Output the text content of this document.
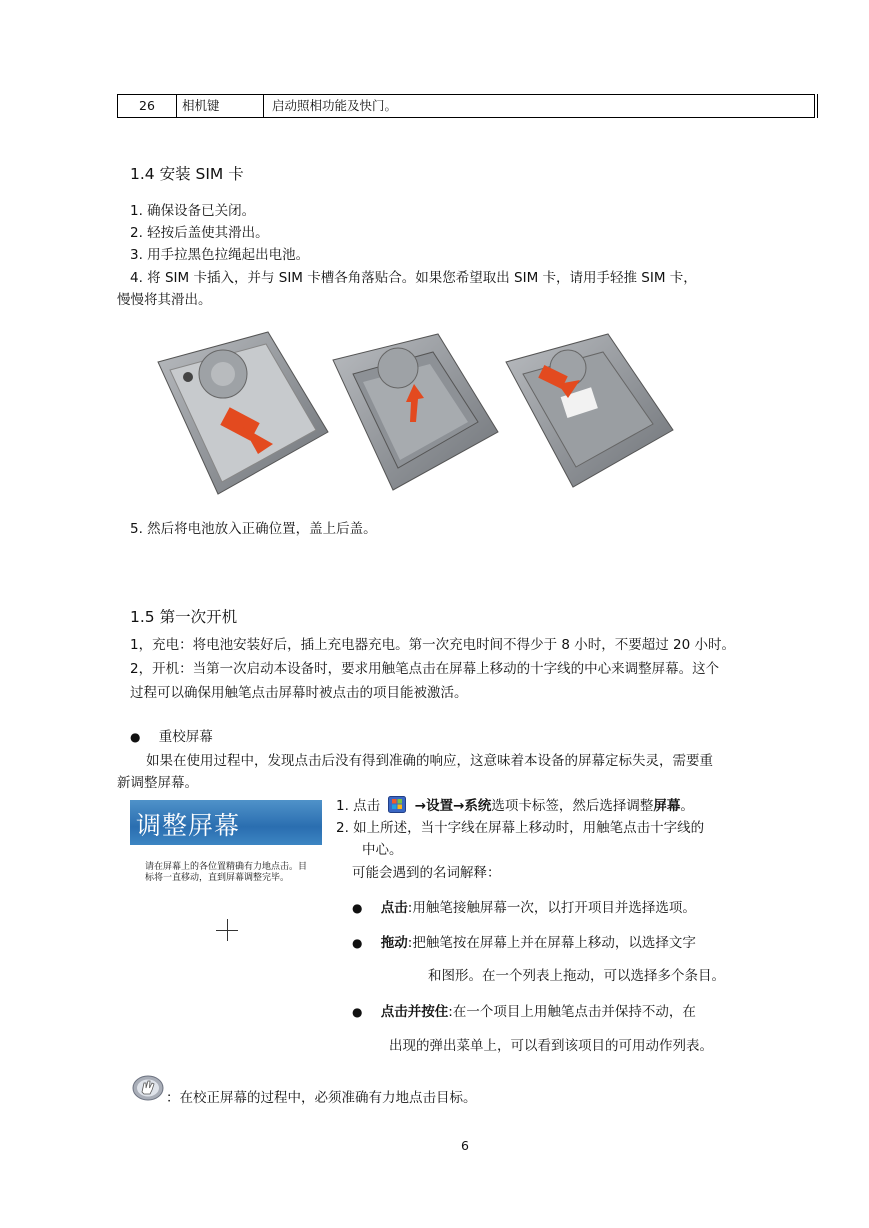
26	相机键	启动照相功能及快门。
1.4 安装 SIM 卡
1. 确保设备已关闭。
2. 轻按后盖使其滑出。
3. 用手拉黑色拉绳起出电池。
4. 将 SIM 卡插入，并与 SIM 卡槽各角落贴合。如果您希望取出 SIM 卡，请用手轻推 SIM 卡，
慢慢将其滑出。
5. 然后将电池放入正确位置，盖上后盖。
1.5 第一次开机
1，充电：将电池安装好后，插上充电器充电。第一次充电时间不得少于 8 小时，不要超过 20 小时。
2，开机：当第一次启动本设备时，要求用触笔点击在屏幕上移动的十字线的中心来调整屏幕。这个
过程可以确保用触笔点击屏幕时被点击的项目能被激活。
● 重校屏幕
如果在使用过程中，发现点击后没有得到准确的响应，这意味着本设备的屏幕定标失灵，需要重
新调整屏幕。
调整屏幕
请在屏幕上的各位置精确有力地点击。目标将一直移动，直到屏幕调整完毕。
1. 点击	→设置→系统选项卡标签，然后选择调整屏幕。
2. 如上所述，当十字线在屏幕上移动时，用触笔点击十字线的
中心。
可能会遇到的名词解释：
● 点击:用触笔接触屏幕一次，以打开项目并选择选项。
● 拖动:把触笔按在屏幕上并在屏幕上移动，以选择文字
和图形。在一个列表上拖动，可以选择多个条目。
● 点击并按住:在一个项目上用触笔点击并保持不动，在
出现的弹出菜单上，可以看到该项目的可用动作列表。
：在校正屏幕的过程中，必须准确有力地点击目标。
6
